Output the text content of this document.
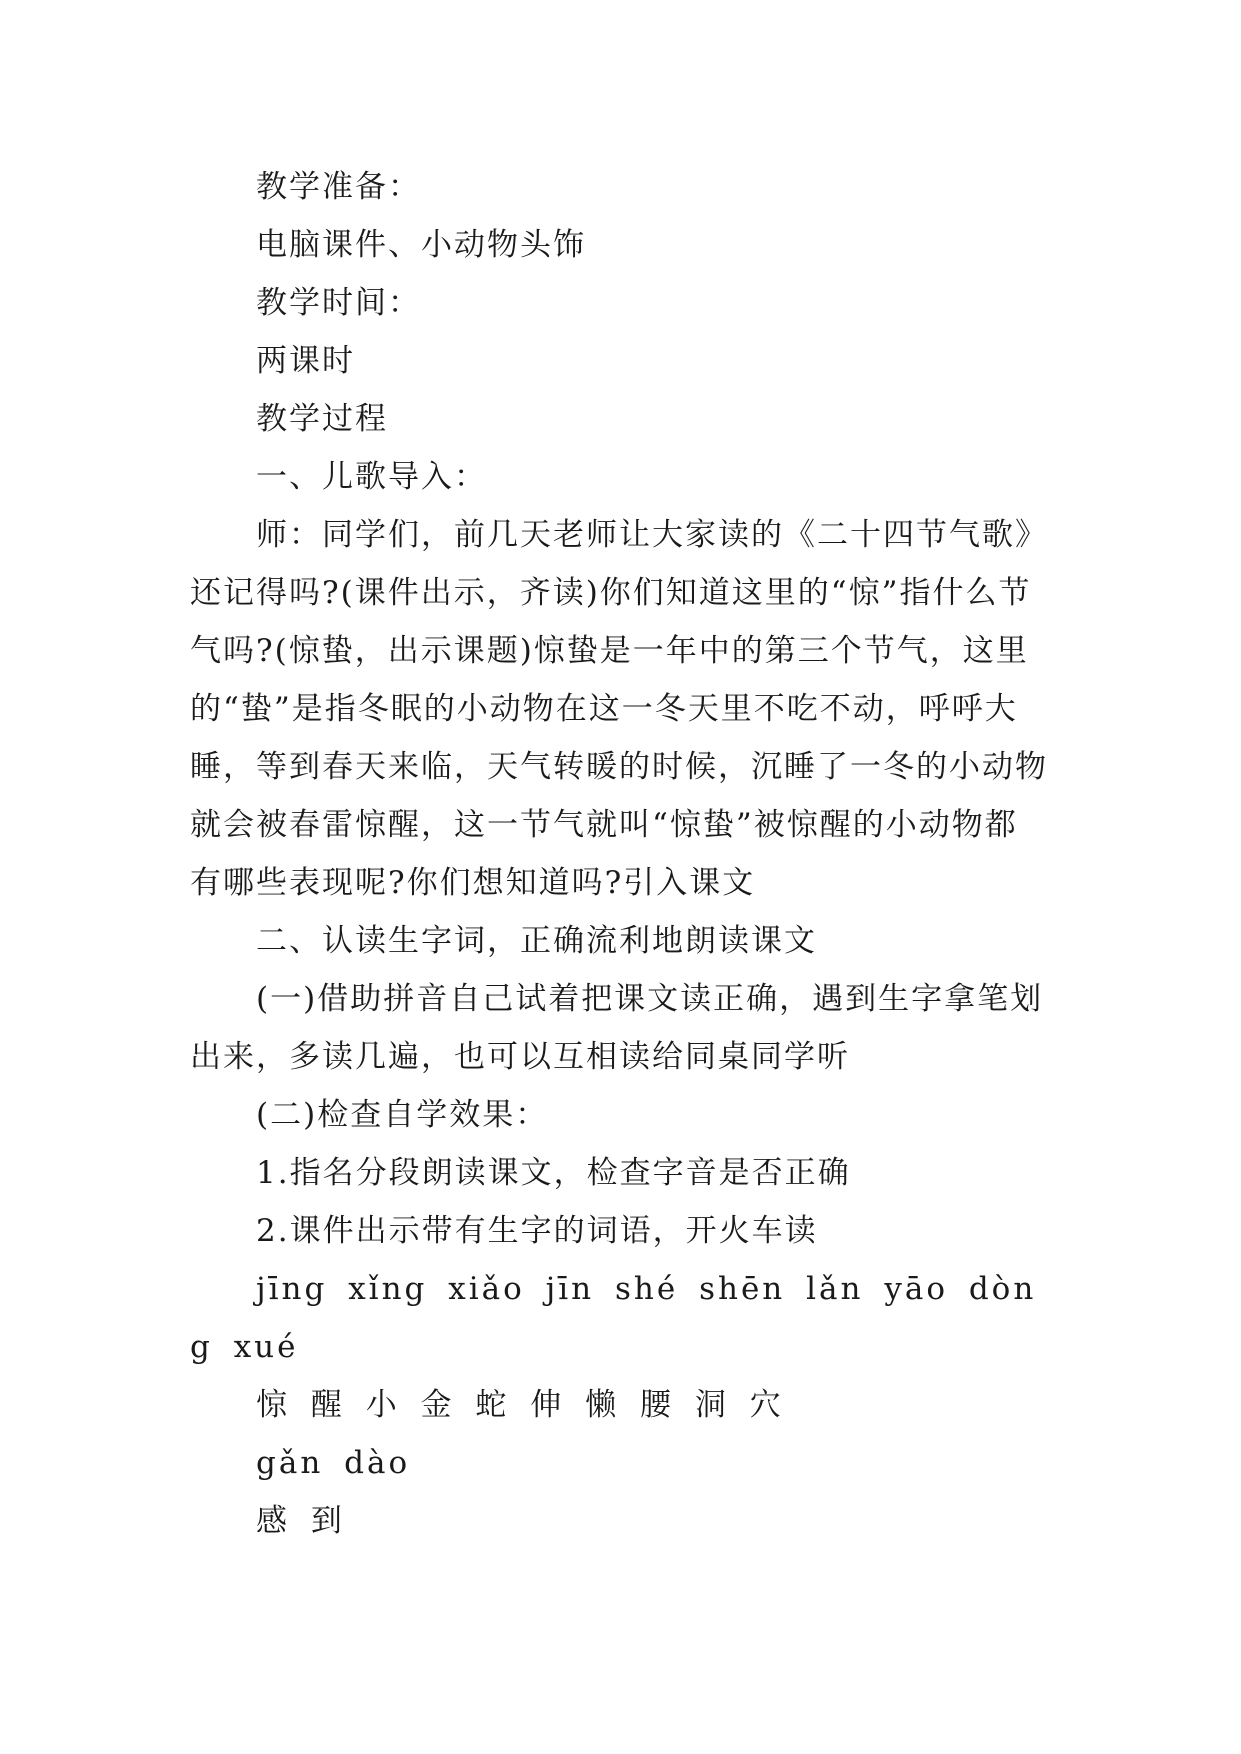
教学准备：

电脑课件、小动物头饰

教学时间：

两课时

教学过程

一、儿歌导入：

师：同学们，前几天老师让大家读的《二十四节气歌》还记得吗?(课件出示，齐读)你们知道这里的“惊”指什么节气吗?(惊蛰，出示课题)惊蛰是一年中的第三个节气，这里的“蛰”是指冬眠的小动物在这一冬天里不吃不动，呼呼大睡，等到春天来临，天气转暖的时候，沉睡了一冬的小动物就会被春雷惊醒，这一节气就叫“惊蛰”被惊醒的小动物都有哪些表现呢?你们想知道吗?引入课文

二、认读生字词，正确流利地朗读课文

(一)借助拼音自己试着把课文读正确，遇到生字拿笔划出来，多读几遍，也可以互相读给同桌同学听

(二)检查自学效果：

1.指名分段朗读课文，检查字音是否正确

2.课件出示带有生字的词语，开火车读

jīng xǐng xiǎo jīn shé shēn lǎn yāo dòng xué

惊 醒 小 金 蛇 伸 懒 腰 洞 穴

gǎn dào

感 到
